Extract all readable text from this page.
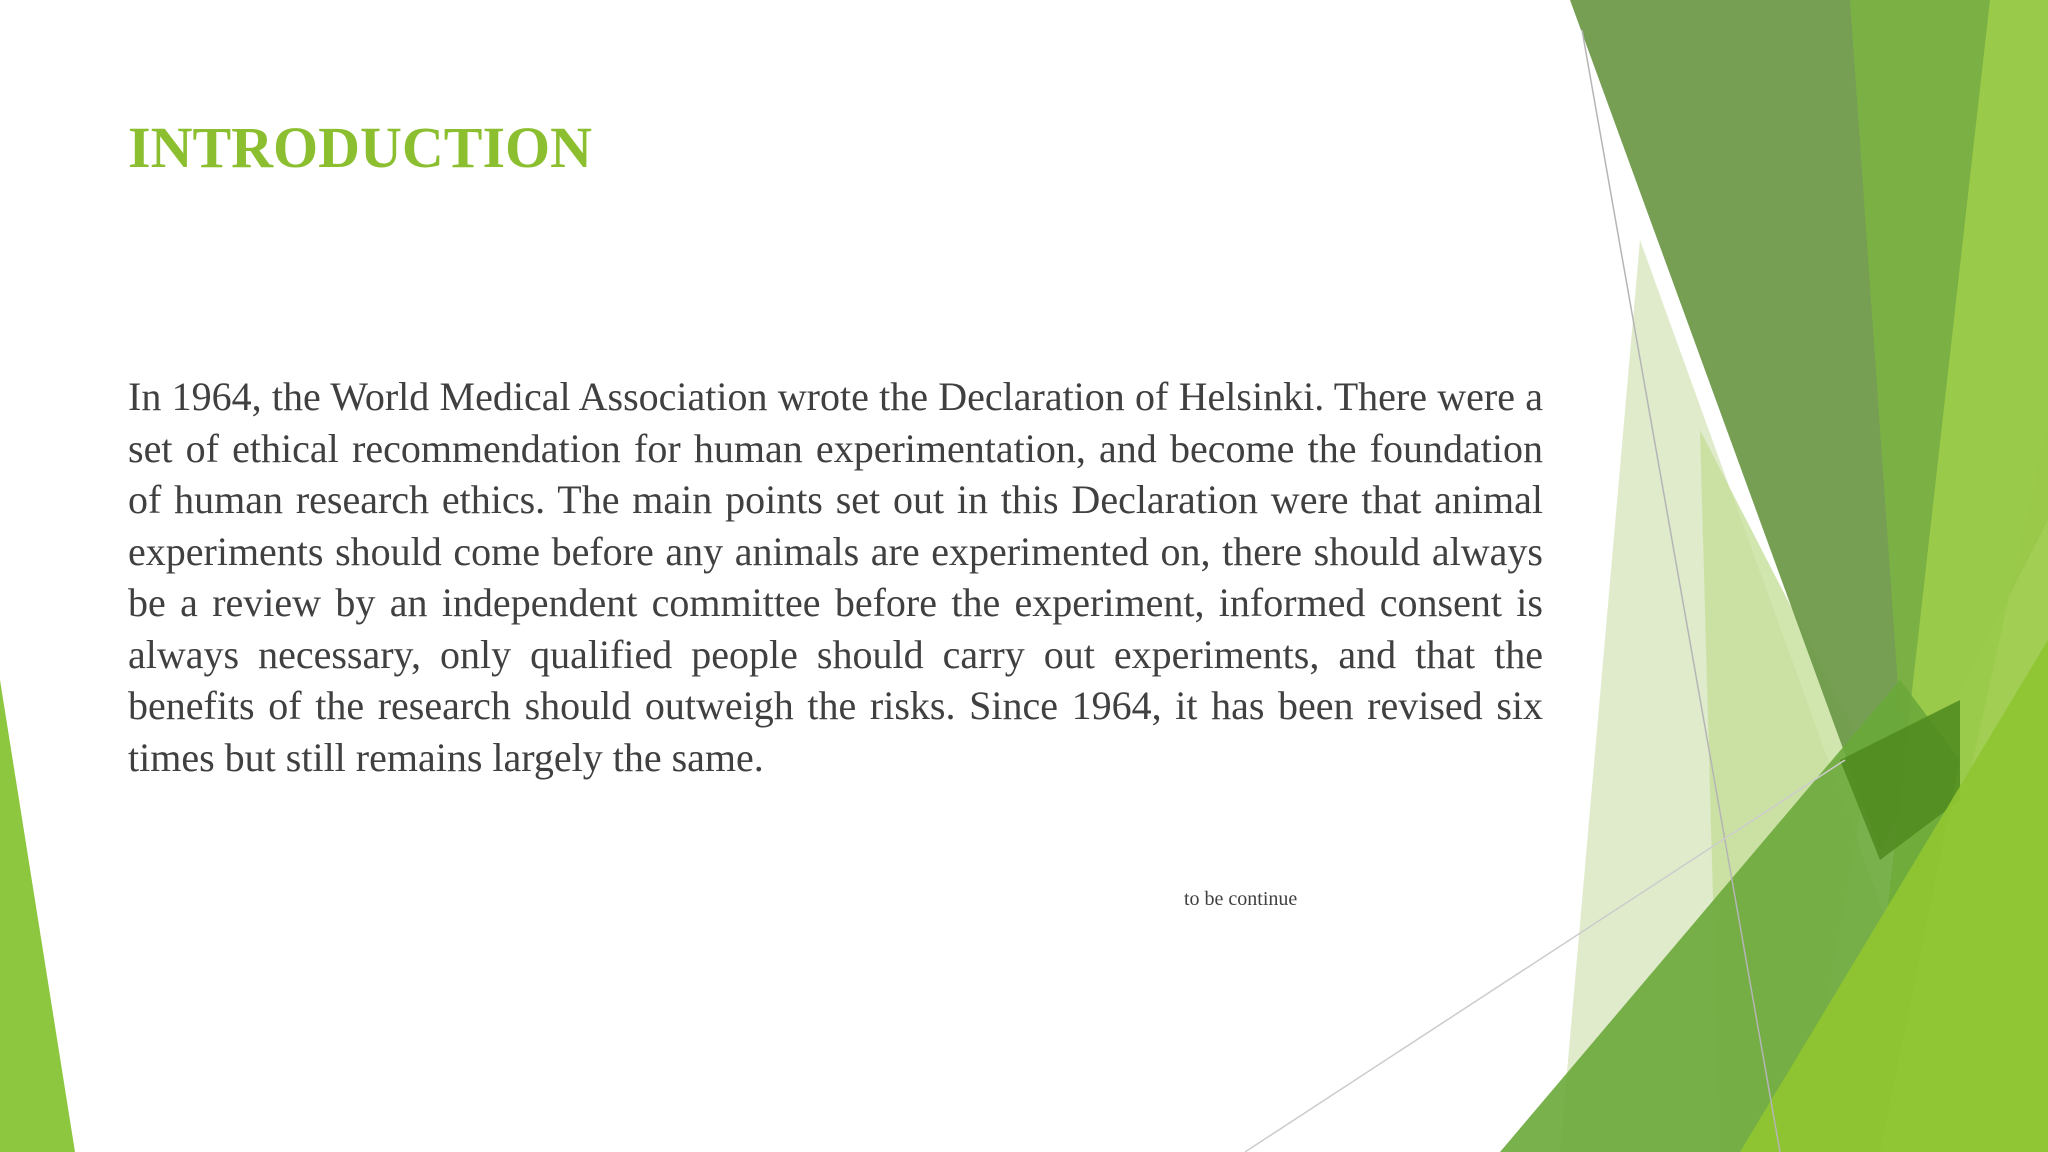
INTRODUCTION

In 1964, the World Medical Association wrote the Declaration of Helsinki. There were a set of ethical recommendation for human experimentation, and become the foundation of human research ethics. The main points set out in this Declaration were that animal experiments should come before any animals are experimented on, there should always be a review by an independent committee before the experiment, informed consent is always necessary, only qualified people should carry out experiments, and that the benefits of the research should outweigh the risks. Since 1964, it has been revised six times but still remains largely the same.

to be continue
